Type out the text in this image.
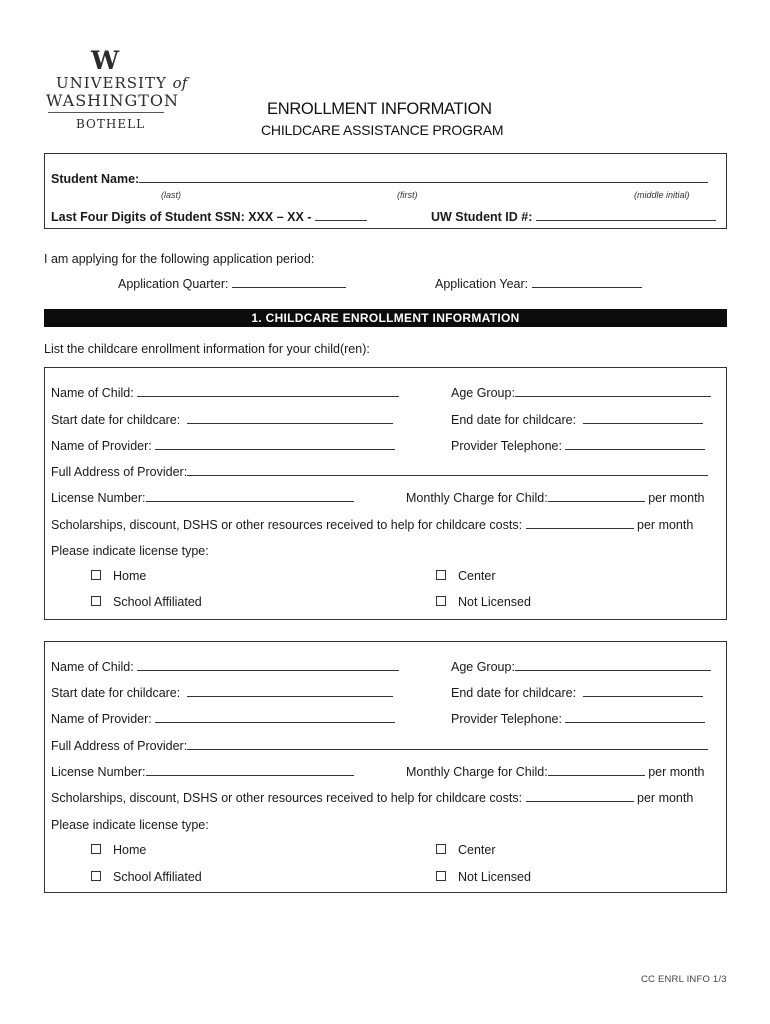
W
UNIVERSITY of
WASHINGTON
BOTHELL
ENROLLMENT INFORMATION
CHILDCARE ASSISTANCE PROGRAM
Student Name:
(last)	(first)	(middle initial)
Last Four Digits of Student SSN: XXX – XX -	UW Student ID #:
I am applying for the following application period:
Application Quarter:	Application Year:
1. CHILDCARE ENROLLMENT INFORMATION
List the childcare enrollment information for your child(ren):
Name of Child:	Age Group:
Start date for childcare:	End date for childcare:
Name of Provider:	Provider Telephone:
Full Address of Provider:
License Number:	Monthly Charge for Child:	per month
Scholarships, discount, DSHS or other resources received to help for childcare costs:	per month
Please indicate license type:
Home	Center
School Affiliated	Not Licensed
Name of Child:	Age Group:
Start date for childcare:	End date for childcare:
Name of Provider:	Provider Telephone:
Full Address of Provider:
License Number:	Monthly Charge for Child:	per month
Scholarships, discount, DSHS or other resources received to help for childcare costs:	per month
Please indicate license type:
Home	Center
School Affiliated	Not Licensed
CC ENRL INFO 1/3
